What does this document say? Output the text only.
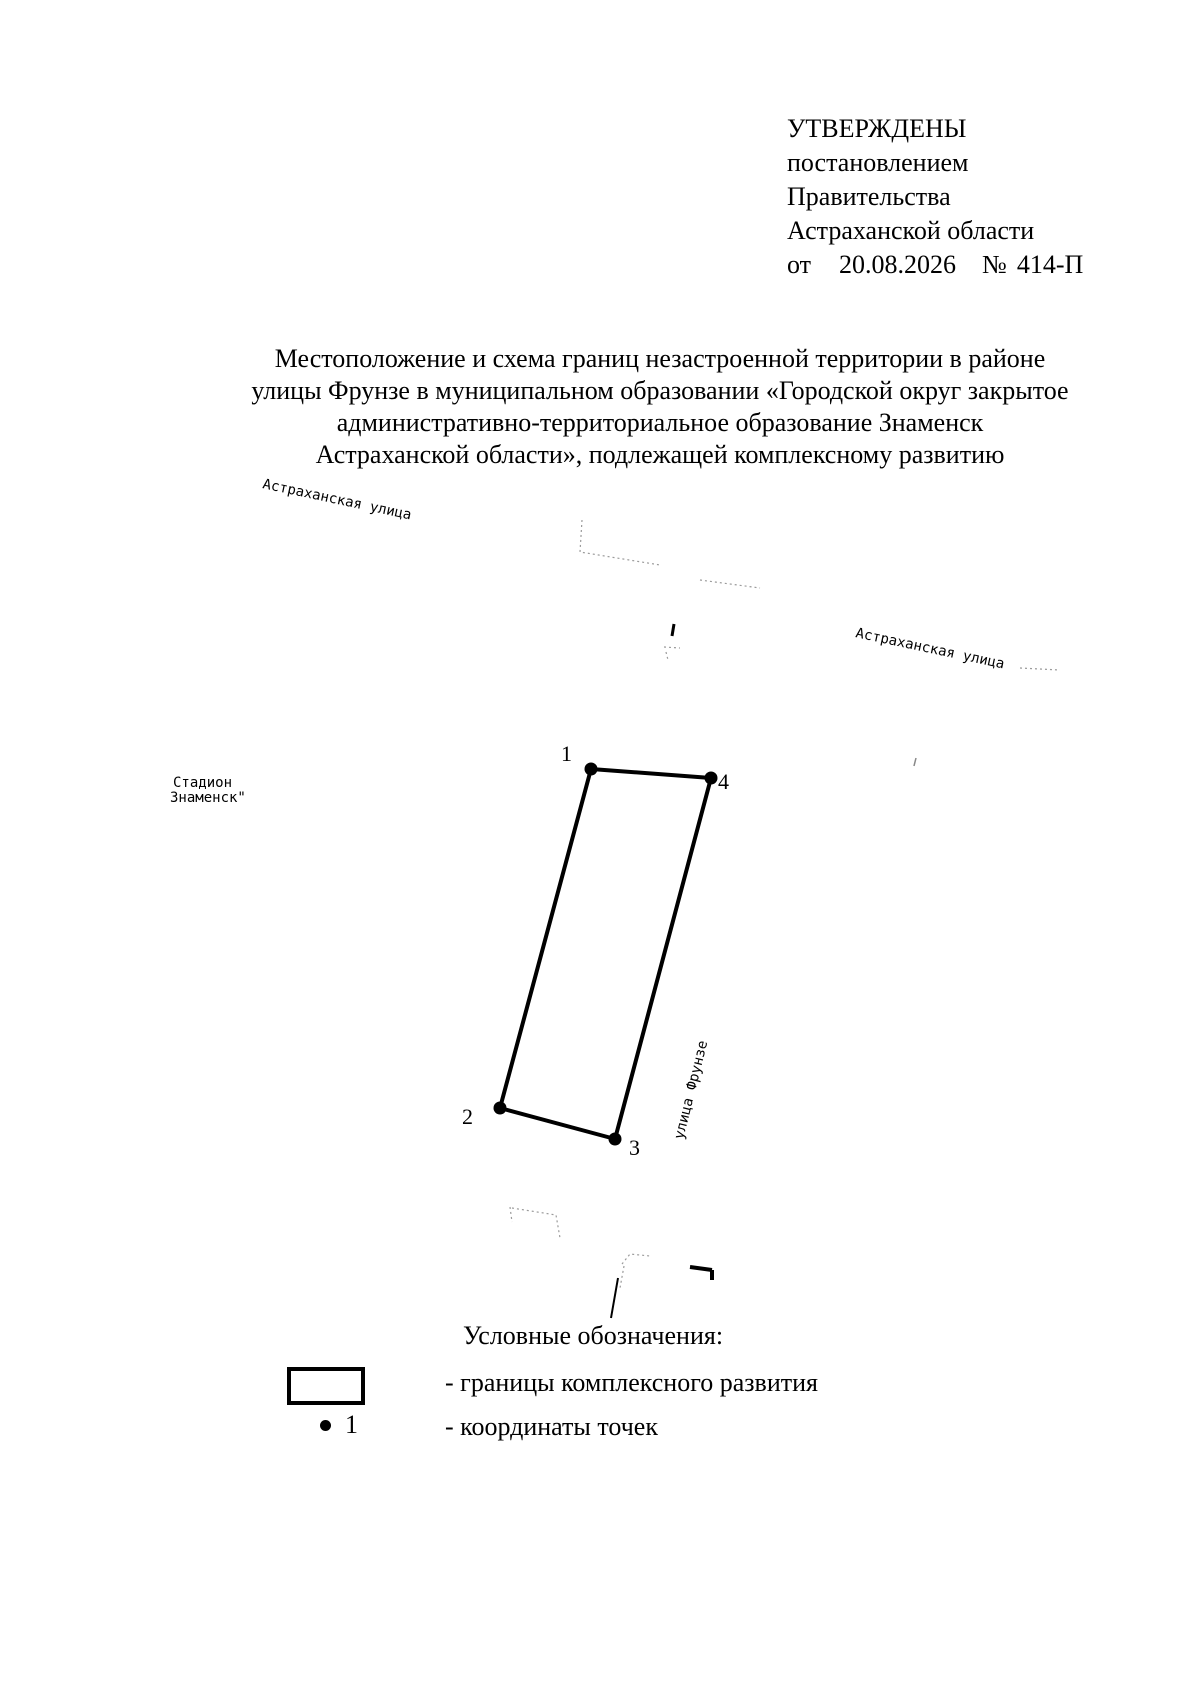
УТВЕРЖДЕНЫ
постановлением
Правительства
Астраханской области
от 20.08.2026 № 414-П
Местоположение и схема границ незастроенной территории в районе
улицы Фрунзе в муниципальном образовании «Городской округ закрытое
административно-территориальное образование Знаменск
Астраханской области», подлежащей комплексному развитию
Астраханская улица
Астраханская улица
Стадион
Знаменск"
улица Фрунзе
1
2
3
4
Условные обозначения:
- границы комплексного развития
1	- координаты точек
